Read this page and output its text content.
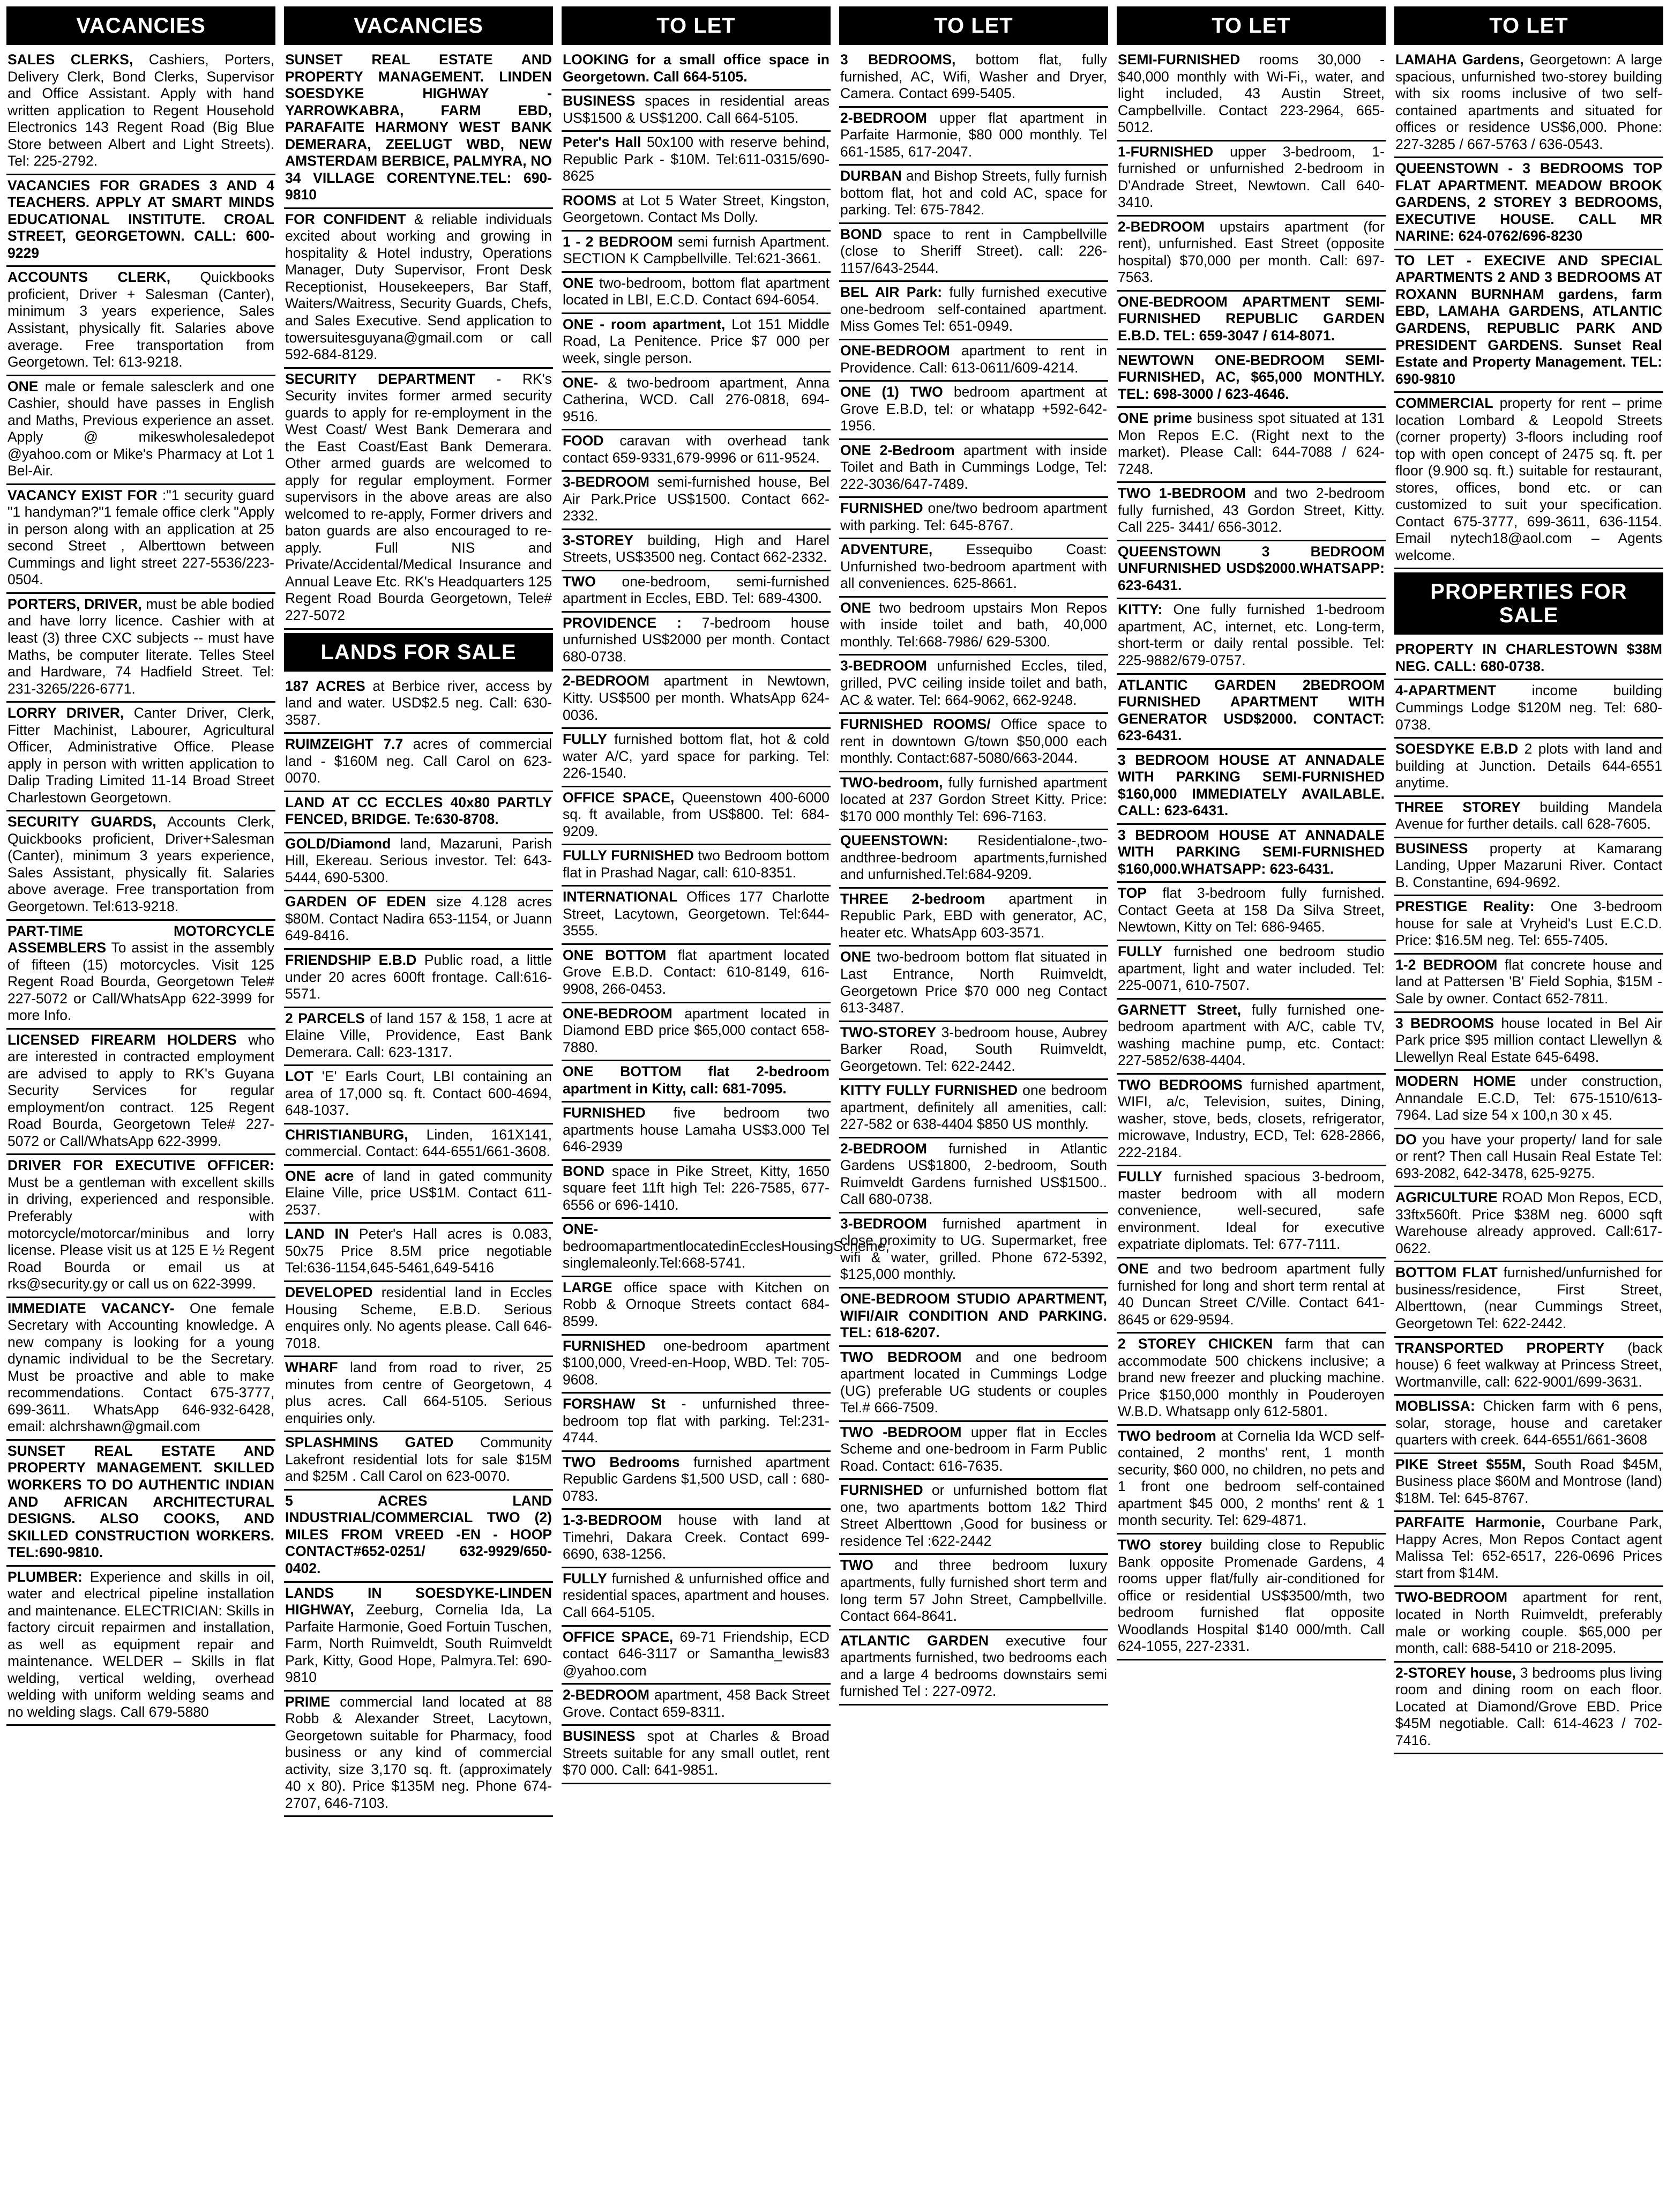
VACANCIES
SALES CLERKS, Cashiers, Porters, Delivery Clerk, Bond Clerks, Supervisor and Office Assistant. Apply with hand written application to Regent Household Electronics 143 Regent Road (Big Blue Store between Albert and Light Streets). Tel: 225-2792.
VACANCIES FOR GRADES 3 AND 4 TEACHERS. APPLY AT SMART MINDS EDUCATIONAL INSTITUTE. CROAL STREET, GEORGETOWN. CALL: 600-9229
ACCOUNTS CLERK, Quickbooks proficient, Driver + Salesman (Canter), minimum 3 years experience, Sales Assistant, physically fit. Salaries above average. Free transportation from Georgetown. Tel: 613-9218.
ONE male or female salesclerk and one Cashier, should have passes in English and Maths, Previous experience an asset. Apply @ mikeswholesaledepot @yahoo.com or Mike's Pharmacy at Lot 1 Bel-Air.
VACANCY EXIST FOR :"1 security guard "1 handyman?"1 female office clerk "Apply in person along with an application at 25 second Street , Alberttown between Cummings and light street 227-5536/223-0504.
PORTERS, DRIVER, must be able bodied and have lorry licence. Cashier with at least (3) three CXC subjects -- must have Maths, be computer literate. Telles Steel and Hardware, 74 Hadfield Street. Tel: 231-3265/226-6771.
LORRY DRIVER, Canter Driver, Clerk, Fitter Machinist, Labourer, Agricultural Officer, Administrative Office. Please apply in person with written application to Dalip Trading Limited 11-14 Broad Street Charlestown Georgetown.
SECURITY GUARDS, Accounts Clerk, Quickbooks proficient, Driver+Salesman (Canter), minimum 3 years experience, Sales Assistant, physically fit. Salaries above average. Free transportation from Georgetown. Tel:613-9218.
PART-TIME MOTORCYCLE ASSEMBLERS To assist in the assembly of fifteen (15) motorcycles. Visit 125 Regent Road Bourda, Georgetown Tele# 227-5072 or Call/WhatsApp 622-3999 for more Info.
LICENSED FIREARM HOLDERS who are interested in contracted employment are advised to apply to RK's Guyana Security Services for regular employment/on contract. 125 Regent Road Bourda, Georgetown Tele# 227-5072 or Call/WhatsApp 622-3999.
DRIVER FOR EXECUTIVE OFFICER: Must be a gentleman with excellent skills in driving, experienced and responsible. Preferably with motorcycle/motorcar/minibus and lorry license. Please visit us at 125 E ½ Regent Road Bourda or email us at rks@security.gy or call us on 622-3999.
IMMEDIATE VACANCY- One female Secretary with Accounting knowledge. A new company is looking for a young dynamic individual to be the Secretary. Must be proactive and able to make recommendations. Contact 675-3777, 699-3611. WhatsApp 646-932-6428, email: alchrshawn@gmail.com
SUNSET REAL ESTATE AND PROPERTY MANAGEMENT. SKILLED WORKERS TO DO AUTHENTIC INDIAN AND AFRICAN ARCHITECTURAL DESIGNS. ALSO COOKS, AND SKILLED CONSTRUCTION WORKERS. TEL:690-9810.
PLUMBER: Experience and skills in oil, water and electrical pipeline installation and maintenance. ELECTRICIAN: Skills in factory circuit repairmen and installation, as well as equipment repair and maintenance. WELDER – Skills in flat welding, vertical welding, overhead welding with uniform welding seams and no welding slags. Call 679-5880
VACANCIES
SUNSET REAL ESTATE AND PROPERTY MANAGEMENT. LINDEN SOESDYKE HIGHWAY - YARROWKABRA, FARM EBD, PARAFAITE HARMONY WEST BANK DEMERARA, ZEELUGT WBD, NEW AMSTERDAM BERBICE, PALMYRA, NO 34 VILLAGE CORENTYNE.TEL: 690-9810
FOR CONFIDENT & reliable individuals excited about working and growing in hospitality & Hotel industry, Operations Manager, Duty Supervisor, Front Desk Receptionist, Housekeepers, Bar Staff, Waiters/Waitress, Security Guards, Chefs, and Sales Executive. Send application to towersuitesguyana@gmail.com or call 592-684-8129.
SECURITY DEPARTMENT - RK's Security invites former armed security guards to apply for re-employment in the West Coast/ West Bank Demerara and the East Coast/East Bank Demerara. Other armed guards are welcomed to apply for regular employment. Former supervisors in the above areas are also welcomed to re-apply, Former drivers and baton guards are also encouraged to re-apply. Full NIS and Private/Accidental/Medical Insurance and Annual Leave Etc. RK's Headquarters 125 Regent Road Bourda Georgetown, Tele# 227-5072
LANDS FOR SALE
187 ACRES at Berbice river, access by land and water. USD$2.5 neg. Call: 630-3587.
RUIMZEIGHT 7.7 acres of commercial land - $160M neg. Call Carol on 623-0070.
LAND AT CC ECCLES 40x80 PARTLY FENCED, BRIDGE. Te:630-8708.
GOLD/Diamond land, Mazaruni, Parish Hill, Ekereau. Serious investor. Tel: 643-5444, 690-5300.
GARDEN OF EDEN size 4.128 acres $80M. Contact Nadira 653-1154, or Juann 649-8416.
FRIENDSHIP E.B.D Public road, a little under 20 acres 600ft frontage. Call:616-5571.
2 PARCELS of land 157 & 158, 1 acre at Elaine Ville, Providence, East Bank Demerara. Call: 623-1317.
LOT 'E' Earls Court, LBI containing an area of 17,000 sq. ft. Contact 600-4694, 648-1037.
CHRISTIANBURG, Linden, 161X141, commercial. Contact: 644-6551/661-3608.
ONE acre of land in gated community Elaine Ville, price US$1M. Contact 611-2537.
LAND IN Peter's Hall acres is 0.083, 50x75 Price 8.5M price negotiable Tel:636-1154,645-5461,649-5416
DEVELOPED residential land in Eccles Housing Scheme, E.B.D. Serious enquires only. No agents please. Call 646-7018.
WHARF land from road to river, 25 minutes from centre of Georgetown, 4 plus acres. Call 664-5105. Serious enquiries only.
SPLASHMINS GATED Community Lakefront residential lots for sale $15M and $25M . Call Carol on 623-0070.
5 ACRES LAND INDUSTRIAL/COMMERCIAL TWO (2) MILES FROM VREED -EN - HOOP CONTACT#652-0251/ 632-9929/650-0402.
LANDS IN SOESDYKE-LINDEN HIGHWAY, Zeeburg, Cornelia Ida, La Parfaite Harmonie, Goed Fortuin Tuschen, Farm, North Ruimveldt, South Ruimveldt Park, Kitty, Good Hope, Palmyra.Tel: 690-9810
PRIME commercial land located at 88 Robb & Alexander Street, Lacytown, Georgetown suitable for Pharmacy, food business or any kind of commercial activity, size 3,170 sq. ft. (approximately 40 x 80). Price $135M neg. Phone 674-2707, 646-7103.
TO LET
LOOKING for a small office space in Georgetown. Call 664-5105.
BUSINESS spaces in residential areas US$1500 & US$1200. Call 664-5105.
Peter's Hall 50x100 with reserve behind, Republic Park - $10M. Tel:611-0315/690-8625
ROOMS at Lot 5 Water Street, Kingston, Georgetown. Contact Ms Dolly.
1 - 2 BEDROOM semi furnish Apartment. SECTION K Campbellville. Tel:621-3661.
ONE two-bedroom, bottom flat apartment located in LBI, E.C.D. Contact 694-6054.
ONE - room apartment, Lot 151 Middle Road, La Penitence. Price $7 000 per week, single person.
ONE- & two-bedroom apartment, Anna Catherina, WCD. Call 276-0818, 694-9516.
FOOD caravan with overhead tank contact 659-9331,679-9996 or 611-9524.
3-BEDROOM semi-furnished house, Bel Air Park.Price US$1500. Contact 662-2332.
3-STOREY building, High and Harel Streets, US$3500 neg. Contact 662-2332.
TWO one-bedroom, semi-furnished apartment in Eccles, EBD. Tel: 689-4300.
PROVIDENCE : 7-bedroom house unfurnished US$2000 per month. Contact 680-0738.
2-BEDROOM apartment in Newtown, Kitty. US$500 per month. WhatsApp 624-0036.
FULLY furnished bottom flat, hot & cold water A/C, yard space for parking. Tel: 226-1540.
OFFICE SPACE, Queenstown 400-6000 sq. ft available, from US$800. Tel: 684-9209.
FULLY FURNISHED two Bedroom bottom flat in Prashad Nagar, call: 610-8351.
INTERNATIONAL Offices 177 Charlotte Street, Lacytown, Georgetown. Tel:644-3555.
ONE BOTTOM flat apartment located Grove E.B.D. Contact: 610-8149, 616-9908, 266-0453.
ONE-BEDROOM apartment located in Diamond EBD price $65,000 contact 658-7880.
ONE BOTTOM flat 2-bedroom apartment in Kitty, call: 681-7095.
FURNISHED five bedroom two apartments house Lamaha US$3.000 Tel 646-2939
BOND space in Pike Street, Kitty, 1650 square feet 11ft high Tel: 226-7585, 677-6556 or 696-1410.
ONE- bedroomapartmentlocatedinEcclesHousingScheme, singlemaleonly.Tel:668-5741.
LARGE office space with Kitchen on Robb & Ornoque Streets contact 684-8599.
FURNISHED one-bedroom apartment $100,000, Vreed-en-Hoop, WBD. Tel: 705-9608.
FORSHAW St - unfurnished three-bedroom top flat with parking. Tel:231-4744.
TWO Bedrooms furnished apartment Republic Gardens $1,500 USD, call : 680-0783.
1-3-BEDROOM house with land at Timehri, Dakara Creek. Contact 699-6690, 638-1256.
FULLY furnished & unfurnished office and residential spaces, apartment and houses. Call 664-5105.
OFFICE SPACE, 69-71 Friendship, ECD contact 646-3117 or Samantha_lewis83 @yahoo.com
2-BEDROOM apartment, 458 Back Street Grove. Contact 659-8311.
BUSINESS spot at Charles & Broad Streets suitable for any small outlet, rent $70 000. Call: 641-9851.
TO LET
3 BEDROOMS, bottom flat, fully furnished, AC, Wifi, Washer and Dryer, Camera. Contact 699-5405.
2-BEDROOM upper flat apartment in Parfaite Harmonie, $80 000 monthly. Tel 661-1585, 617-2047.
DURBAN and Bishop Streets, fully furnish bottom flat, hot and cold AC, space for parking. Tel: 675-7842.
BOND space to rent in Campbellville (close to Sheriff Street). call: 226-1157/643-2544.
BEL AIR Park: fully furnished executive one-bedroom self-contained apartment. Miss Gomes Tel: 651-0949.
ONE-BEDROOM apartment to rent in Providence. Call: 613-0611/609-4214.
ONE (1) TWO bedroom apartment at Grove E.B.D, tel: or whatapp +592-642-1956.
ONE 2-Bedroom apartment with inside Toilet and Bath in Cummings Lodge, Tel: 222-3036/647-7489.
FURNISHED one/two bedroom apartment with parking. Tel: 645-8767.
ADVENTURE, Essequibo Coast: Unfurnished two-bedroom apartment with all conveniences. 625-8661.
ONE two bedroom upstairs Mon Repos with inside toilet and bath, 40,000 monthly. Tel:668-7986/ 629-5300.
3-BEDROOM unfurnished Eccles, tiled, grilled, PVC ceiling inside toilet and bath, AC & water. Tel: 664-9062, 662-9248.
FURNISHED ROOMS/ Office space to rent in downtown G/town $50,000 each monthly. Contact:687-5080/663-2044.
TWO-bedroom, fully furnished apartment located at 237 Gordon Street Kitty. Price: $170 000 monthly Tel: 696-7163.
QUEENSTOWN: Residentialone-,two-andthree-bedroom apartments,furnished and unfurnished.Tel:684-9209.
THREE 2-bedroom apartment in Republic Park, EBD with generator, AC, heater etc. WhatsApp 603-3571.
ONE two-bedroom bottom flat situated in Last Entrance, North Ruimveldt, Georgetown Price $70 000 neg Contact 613-3487.
TWO-STOREY 3-bedroom house, Aubrey Barker Road, South Ruimveldt, Georgetown. Tel: 622-2442.
KITTY FULLY FURNISHED one bedroom apartment, definitely all amenities, call: 227-582 or 638-4404 $850 US monthly.
2-BEDROOM furnished in Atlantic Gardens US$1800, 2-bedroom, South Ruimveldt Gardens furnished US$1500.. Call 680-0738.
3-BEDROOM furnished apartment in close proximity to UG. Supermarket, free wifi & water, grilled. Phone 672-5392, $125,000 monthly.
ONE-BEDROOM STUDIO APARTMENT, WIFI/AIR CONDITION AND PARKING. TEL: 618-6207.
TWO BEDROOM and one bedroom apartment located in Cummings Lodge (UG) preferable UG students or couples Tel.# 666-7509.
TWO -BEDROOM upper flat in Eccles Scheme and one-bedroom in Farm Public Road. Contact: 616-7635.
FURNISHED or unfurnished bottom flat one, two apartments bottom 1&2 Third Street Alberttown ,Good for business or residence Tel :622-2442
TWO and three bedroom luxury apartments, fully furnished short term and long term 57 John Street, Campbellville. Contact 664-8641.
ATLANTIC GARDEN executive four apartments furnished, two bedrooms each and a large 4 bedrooms downstairs semi furnished Tel : 227-0972.
TO LET
SEMI-FURNISHED rooms 30,000 - $40,000 monthly with Wi-Fi,, water, and light included, 43 Austin Street, Campbellville. Contact 223-2964, 665-5012.
1-FURNISHED upper 3-bedroom, 1-furnished or unfurnished 2-bedroom in D'Andrade Street, Newtown. Call 640-3410.
2-BEDROOM upstairs apartment (for rent), unfurnished. East Street (opposite hospital) $70,000 per month. Call: 697-7563.
ONE-BEDROOM APARTMENT SEMI-FURNISHED REPUBLIC GARDEN E.B.D. TEL: 659-3047 / 614-8071.
NEWTOWN ONE-BEDROOM SEMI-FURNISHED, AC, $65,000 MONTHLY. TEL: 698-3000 / 623-4646.
ONE prime business spot situated at 131 Mon Repos E.C. (Right next to the market). Please Call: 644-7088 / 624-7248.
TWO 1-BEDROOM and two 2-bedroom fully furnished, 43 Gordon Street, Kitty. Call 225- 3441/ 656-3012.
QUEENSTOWN 3 BEDROOM UNFURNISHED USD$2000.WHATSAPP: 623-6431.
KITTY: One fully furnished 1-bedroom apartment, AC, internet, etc. Long-term, short-term or daily rental possible. Tel: 225-9882/679-0757.
ATLANTIC GARDEN 2BEDROOM FURNISHED APARTMENT WITH GENERATOR USD$2000. CONTACT: 623-6431.
3 BEDROOM HOUSE AT ANNADALE WITH PARKING SEMI-FURNISHED $160,000 IMMEDIATELY AVAILABLE. CALL: 623-6431.
3 BEDROOM HOUSE AT ANNADALE WITH PARKING SEMI-FURNISHED $160,000.WHATSAPP: 623-6431.
TOP flat 3-bedroom fully furnished. Contact Geeta at 158 Da Silva Street, Newtown, Kitty on Tel: 686-9465.
FULLY furnished one bedroom studio apartment, light and water included. Tel: 225-0071, 610-7507.
GARNETT Street, fully furnished one-bedroom apartment with A/C, cable TV, washing machine pump, etc. Contact: 227-5852/638-4404.
TWO BEDROOMS furnished apartment, WIFI, a/c, Television, suites, Dining, washer, stove, beds, closets, refrigerator, microwave, Industry, ECD, Tel: 628-2866, 222-2184.
FULLY furnished spacious 3-bedroom, master bedroom with all modern convenience, well-secured, safe environment. Ideal for executive expatriate diplomats. Tel: 677-7111.
ONE and two bedroom apartment fully furnished for long and short term rental at 40 Duncan Street C/Ville. Contact 641-8645 or 629-9594.
2 STOREY CHICKEN farm that can accommodate 500 chickens inclusive; a brand new freezer and plucking machine. Price $150,000 monthly in Pouderoyen W.B.D. Whatsapp only 612-5801.
TWO bedroom at Cornelia Ida WCD self-contained, 2 months' rent, 1 month security, $60 000, no children, no pets and 1 front one bedroom self-contained apartment $45 000, 2 months' rent & 1 month security. Tel: 629-4871.
TWO storey building close to Republic Bank opposite Promenade Gardens, 4 rooms upper flat/fully air-conditioned for office or residential US$3500/mth, two bedroom furnished flat opposite Woodlands Hospital $140 000/mth. Call 624-1055, 227-2331.
TO LET
LAMAHA Gardens, Georgetown: A large spacious, unfurnished two-storey building with six rooms inclusive of two self-contained apartments and situated for offices or residence US$6,000. Phone: 227-3285 / 667-5763 / 636-0543.
QUEENSTOWN - 3 BEDROOMS TOP FLAT APARTMENT. MEADOW BROOK GARDENS, 2 STOREY 3 BEDROOMS, EXECUTIVE HOUSE. CALL MR NARINE: 624-0762/696-8230
TO LET - EXECIVE AND SPECIAL APARTMENTS 2 AND 3 BEDROOMS AT ROXANN BURNHAM gardens, farm EBD, LAMAHA GARDENS, ATLANTIC GARDENS, REPUBLIC PARK AND PRESIDENT GARDENS. Sunset Real Estate and Property Management. TEL: 690-9810
COMMERCIAL property for rent – prime location Lombard & Leopold Streets (corner property) 3-floors including roof top with open concept of 2475 sq. ft. per floor (9.900 sq. ft.) suitable for restaurant, stores, offices, bond etc. or can customized to suit your specification. Contact 675-3777, 699-3611, 636-1154. Email nytech18@aol.com – Agents welcome.
PROPERTIES FOR SALE
PROPERTY IN CHARLESTOWN $38M NEG. CALL: 680-0738.
4-APARTMENT income building Cummings Lodge $120M neg. Tel: 680-0738.
SOESDYKE E.B.D 2 plots with land and building at Junction. Details 644-6551 anytime.
THREE STOREY building Mandela Avenue for further details. call 628-7605.
BUSINESS property at Kamarang Landing, Upper Mazaruni River. Contact B. Constantine, 694-9692.
PRESTIGE Reality: One 3-bedroom house for sale at Vryheid's Lust E.C.D. Price: $16.5M neg. Tel: 655-7405.
1-2 BEDROOM flat concrete house and land at Pattersen 'B' Field Sophia, $15M - Sale by owner. Contact 652-7811.
3 BEDROOMS house located in Bel Air Park price $95 million contact Llewellyn & Llewellyn Real Estate 645-6498.
MODERN HOME under construction, Annandale E.C.D, Tel: 675-1510/613-7964. Lad size 54 x 100,n 30 x 45.
DO you have your property/ land for sale or rent? Then call Husain Real Estate Tel: 693-2082, 642-3478, 625-9275.
AGRICULTURE ROAD Mon Repos, ECD, 33ftx560ft. Price $38M neg. 6000 sqft Warehouse already approved. Call:617-0622.
BOTTOM FLAT furnished/unfurnished for business/residence, First Street, Alberttown, (near Cummings Street, Georgetown Tel: 622-2442.
TRANSPORTED PROPERTY (back house) 6 feet walkway at Princess Street, Wortmanville, call: 622-9001/699-3631.
MOBLISSA: Chicken farm with 6 pens, solar, storage, house and caretaker quarters with creek. 644-6551/661-3608
PIKE Street $55M, South Road $45M, Business place $60M and Montrose (land) $18M. Tel: 645-8767.
PARFAITE Harmonie, Courbane Park, Happy Acres, Mon Repos Contact agent Malissa Tel: 652-6517, 226-0696 Prices start from $14M.
TWO-BEDROOM apartment for rent, located in North Ruimveldt, preferably male or working couple. $65,000 per month, call: 688-5410 or 218-2095.
2-STOREY house, 3 bedrooms plus living room and dining room on each floor. Located at Diamond/Grove EBD. Price $45M negotiable. Call: 614-4623 / 702-7416.
